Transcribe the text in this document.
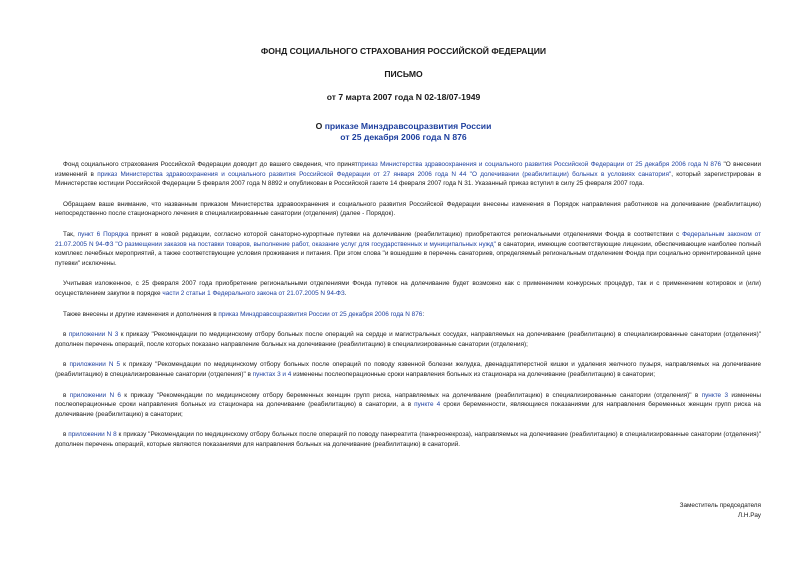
ФОНД СОЦИАЛЬНОГО СТРАХОВАНИЯ РОССИЙСКОЙ ФЕДЕРАЦИИ
ПИСЬМО
от 7 марта 2007 года N 02-18/07-1949
О приказе Минздравсоцразвития России
от 25 декабря 2006 года N 876

Фонд социального страхования Российской Федерации доводит до вашего сведения, что принятприказ Министерства здравоохранения и социального развития Российской Федерации от 25 декабря 2006 года N 876 "О внесении изменений в приказ Министерства здравоохранения и социального развития Российской Федерации от 27 января 2006 года N 44 "О долечивании (реабилитации) больных в условиях санатория", который зарегистрирован в Министерстве юстиции Российской Федерации 5 февраля 2007 года N 8892 и опубликован в Российской газете 14 февраля 2007 года N 31. Указанный приказ вступил в силу 25 февраля 2007 года.

Обращаем ваше внимание, что названным приказом Министерства здравоохранения и социального развития Российской Федерации внесены изменения в Порядок направления работников на долечивание (реабилитацию) непосредственно после стационарного лечения в специализированные санатории (отделения) (далее - Порядок).

Так, пункт 6 Порядка принят в новой редакции, согласно которой санаторно-курортные путевки на долечивание (реабилитацию) приобретаются региональными отделениями Фонда в соответствии с Федеральным законом от 21.07.2005 N 94-ФЗ "О размещении заказов на поставки товаров, выполнение работ, оказание услуг для государственных и муниципальных нужд" в санатории, имеющие соответствующие лицензии, обеспечивающие наиболее полный комплекс лечебных мероприятий, а также соответствующие условия проживания и питания. При этом слова "и вошедшие в перечень санаториев, определяемый региональным отделением Фонда при социально ориентированной цене путевки" исключены.

Учитывая изложенное, с 25 февраля 2007 года приобретение региональными отделениями Фонда путевок на долечивание будет возможно как с применением конкурсных процедур, так и с применением котировок и (или) осуществлением закупки в порядке части 2 статьи 1 Федерального закона от 21.07.2005 N 94-ФЗ.

Также внесены и другие изменения и дополнения в приказ Минздравсоцразвития России от 25 декабря 2006 года N 876:

в приложении N 3 к приказу "Рекомендации по медицинскому отбору больных после операций на сердце и магистральных сосудах, направляемых на долечивание (реабилитацию) в специализированные санатории (отделения)" дополнен перечень операций, после которых показано направление больных на долечивание (реабилитацию) в специализированные санатории (отделения);

в приложении N 5 к приказу "Рекомендации по медицинскому отбору больных после операций по поводу язвенной болезни желудка, двенадцатиперстной кишки и удаления желчного пузыря, направляемых на долечивание (реабилитацию) в специализированные санатории (отделения)" в пунктах 3 и 4 изменены послеоперационные сроки направления больных из стационара на долечивание (реабилитацию) в санатории;

в приложении N 6 к приказу "Рекомендации по медицинскому отбору беременных женщин групп риска, направляемых на долечивание (реабилитацию) в специализированные санатории (отделения)" в пункте 3 изменены послеоперационные сроки направления больных из стационара на долечивание (реабилитацию) в санатории, а в пункте 4 сроки беременности, являющиеся показаниями для направления беременных женщин групп риска на долечивание (реабилитацию) в санатории;

в приложении N 8 к приказу "Рекомендации по медицинскому отбору больных после операций по поводу панкреатита (панкреонекроза), направляемых на долечивание (реабилитацию) в специализированные санатории (отделения)" дополнен перечень операций, которые являются показаниями для направления больных на долечивание (реабилитацию) в санаторий.

Заместитель председателя
Л.Н.Рау
